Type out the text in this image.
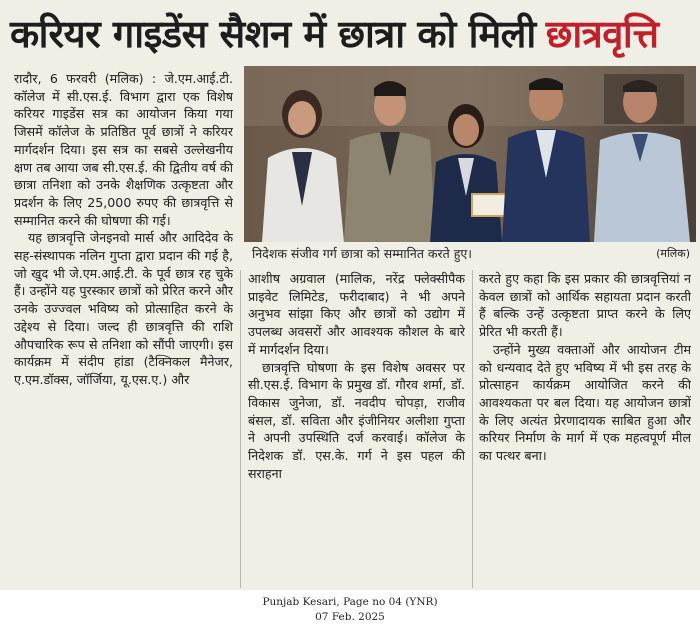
करियर गाइडेंस सैशन में छात्रा को मिली छात्रवृत्ति

रादौर, 6 फरवरी (मलिक) : जे.एम.आई.टी. कॉलेज में सी.एस.ई. विभाग द्वारा एक विशेष करियर गाइडेंस सत्र का आयोजन किया गया जिसमें कॉलेज के प्रतिष्ठित पूर्व छात्रों ने करियर मार्गदर्शन दिया। इस सत्र का सबसे उल्लेखनीय क्षण तब आया जब सी.एस.ई. की द्वितीय वर्ष की छात्रा तनिशा को उनके शैक्षणिक उत्कृष्टता और प्रदर्शन के लिए 25,000 रुपए की छात्रवृत्ति से सम्मानित करने की घोषणा की गई।

यह छात्रवृत्ति जेनइनवो मार्स और आदिदेव के सह-संस्थापक नलिन गुप्ता द्वारा प्रदान की गई है, जो खुद भी जे.एम.आई.टी. के पूर्व छात्र रह चुके हैं। उन्होंने यह पुरस्कार छात्रों को प्रेरित करने और उनके उज्ज्वल भविष्य को प्रोत्साहित करने के उद्देश्य से दिया। जल्द ही छात्रवृत्ति की राशि औपचारिक रूप से तनिशा को सौंपी जाएगी। इस कार्यक्रम में संदीप हांडा (टैक्निकल मैनेजर, ए.एम.डॉक्स, जॉर्जिया, यू.एस.ए.) और

निदेशक संजीव गर्ग छात्रा को सम्मानित करते हुए।	(मलिक)

आशीष अग्रवाल (मालिक, नरेंद्र फ्लेक्सीपैक प्राइवेट लिमिटेड, फरीदाबाद) ने भी अपने अनुभव सांझा किए और छात्रों को उद्योग में उपलब्ध अवसरों और आवश्यक कौशल के बारे में मार्गदर्शन दिया।

छात्रवृत्ति घोषणा के इस विशेष अवसर पर सी.एस.ई. विभाग के प्रमुख डॉ. गौरव शर्मा, डॉ. विकास जुनेजा, डॉ. नवदीप चोपड़ा, राजीव बंसल, डॉ. सविता और इंजीनियर अलीशा गुप्ता ने अपनी उपस्थिति दर्ज करवाई। कॉलेज के निदेशक डॉ. एस.के. गर्ग ने इस पहल की सराहना

करते हुए कहा कि इस प्रकार की छात्रवृत्तियां न केवल छात्रों को आर्थिक सहायता प्रदान करती हैं बल्कि उन्हें उत्कृष्टता प्राप्त करने के लिए प्रेरित भी करती हैं।

उन्होंने मुख्य वक्ताओं और आयोजन टीम को धन्यवाद देते हुए भविष्य में भी इस तरह के प्रोत्साहन कार्यक्रम आयोजित करने की आवश्यकता पर बल दिया। यह आयोजन छात्रों के लिए अत्यंत प्रेरणादायक साबित हुआ और करियर निर्माण के मार्ग में एक महत्वपूर्ण मील का पत्थर बना।

Punjab Kesari, Page no 04 (YNR)
07 Feb. 2025
